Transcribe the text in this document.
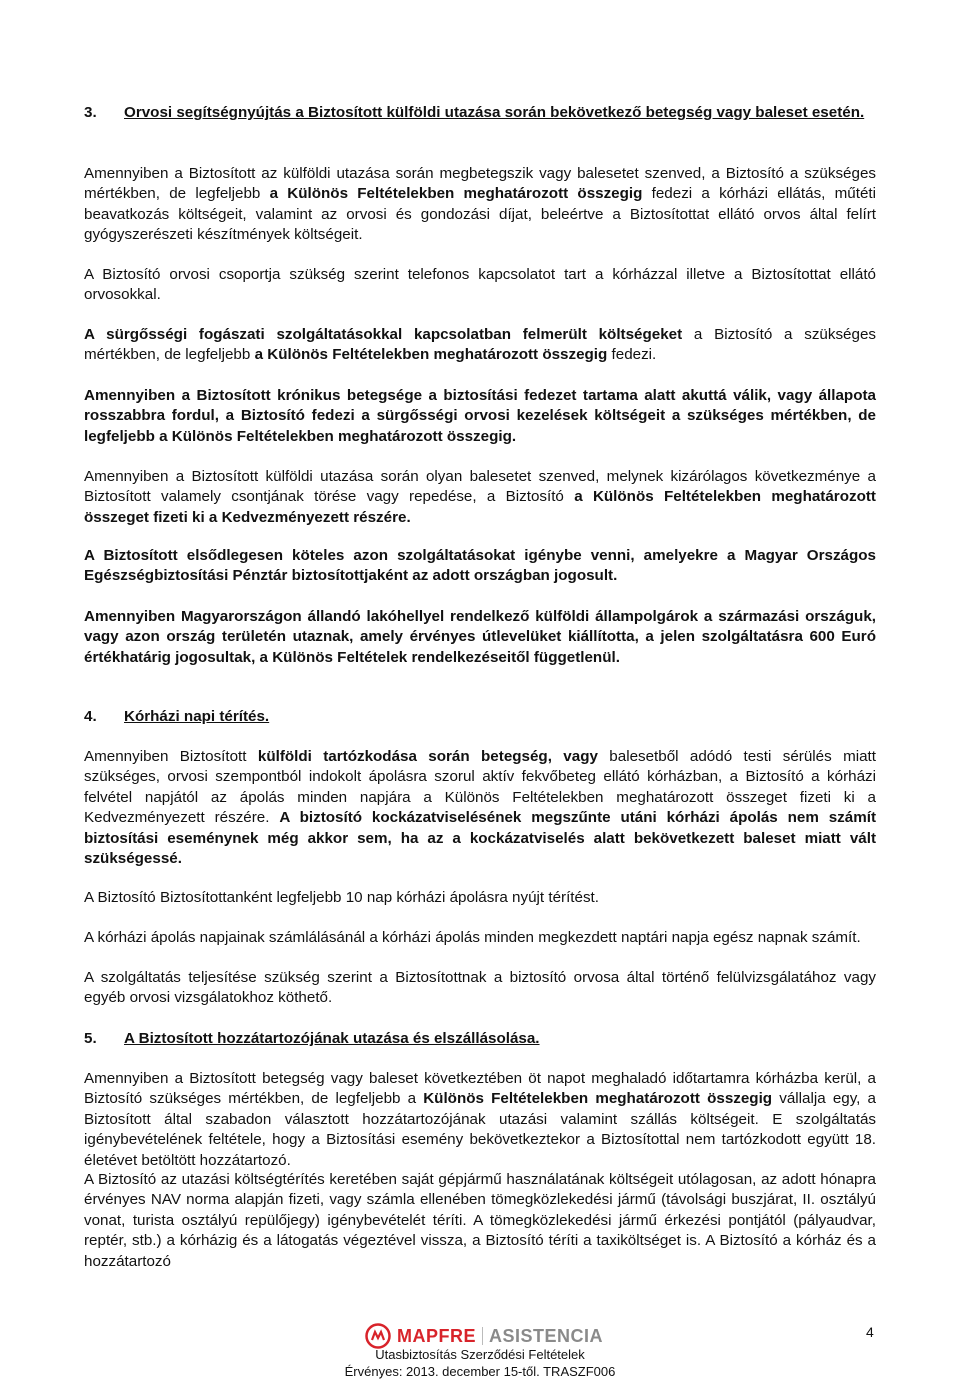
3. Orvosi segítségnyújtás a Biztosított külföldi utazása során bekövetkező betegség vagy baleset esetén.
Amennyiben a Biztosított az külföldi utazása során megbetegszik vagy balesetet szenved, a Biztosító a szükséges mértékben, de legfeljebb a Különös Feltételekben meghatározott összegig fedezi a kórházi ellátás, műtéti beavatkozás költségeit, valamint az orvosi és gondozási díjat, beleértve a Biztosítottat ellátó orvos által felírt gyógyszerészeti készítmények költségeit.
A Biztosító orvosi csoportja szükség szerint telefonos kapcsolatot tart a kórházzal illetve a Biztosítottat ellátó orvosokkal.
A sürgősségi fogászati szolgáltatásokkal kapcsolatban felmerült költségeket a Biztosító a szükséges mértékben, de legfeljebb a Különös Feltételekben meghatározott összegig fedezi.
Amennyiben a Biztosított krónikus betegsége a biztosítási fedezet tartama alatt akuttá válik, vagy állapota rosszabbra fordul, a Biztosító fedezi a sürgősségi orvosi kezelések költségeit a szükséges mértékben, de legfeljebb a Különös Feltételekben meghatározott összegig.
Amennyiben a Biztosított külföldi utazása során olyan balesetet szenved, melynek kizárólagos következménye a Biztosított valamely csontjának törése vagy repedése, a Biztosító a Különös Feltételekben meghatározott összeget fizeti ki a Kedvezményezett részére.
A Biztosított elsődlegesen köteles azon szolgáltatásokat igénybe venni, amelyekre a Magyar Országos Egészségbiztosítási Pénztár biztosítottjaként az adott országban jogosult.
Amennyiben Magyarországon állandó lakóhellyel rendelkező külföldi állampolgárok a származási országuk, vagy azon ország területén utaznak, amely érvényes útlevelüket kiállította, a jelen szolgáltatásra 600 Euró értékhatárig jogosultak, a Különös Feltételek rendelkezéseitől függetlenül.
4. Kórházi napi térítés.
Amennyiben Biztosított külföldi tartózkodása során betegség, vagy balesetből adódó testi sérülés miatt szükséges, orvosi szempontból indokolt ápolásra szorul aktív fekvőbeteg ellátó kórházban, a Biztosító a kórházi felvétel napjától az ápolás minden napjára a Különös Feltételekben meghatározott összeget fizeti ki a Kedvezményezett részére. A biztosító kockázatviselésének megszűnte utáni kórházi ápolás nem számít biztosítási eseménynek még akkor sem, ha az a kockázatviselés alatt bekövetkezett baleset miatt vált szükségessé.
A Biztosító Biztosítottanként legfeljebb 10 nap kórházi ápolásra nyújt térítést.
A kórházi ápolás napjainak számlálásánál a kórházi ápolás minden megkezdett naptári napja egész napnak számít.
A szolgáltatás teljesítése szükség szerint a Biztosítottnak a biztosító orvosa által történő felülvizsgálatához vagy egyéb orvosi vizsgálatokhoz köthető.
5. A Biztosított hozzátartozójának utazása és elszállásolása.
Amennyiben a Biztosított betegség vagy baleset következtében öt napot meghaladó időtartamra kórházba kerül, a Biztosító szükséges mértékben, de legfeljebb a Különös Feltételekben meghatározott összegig vállalja egy, a Biztosított által szabadon választott hozzátartozójának utazási valamint szállás költségeit. E szolgáltatás igénybevételének feltétele, hogy a Biztosítási esemény bekövetkeztekor a Biztosítottal nem tartózkodott együtt 18. életévet betöltött hozzátartozó.
A Biztosító az utazási költségtérítés keretében saját gépjármű használatának költségeit utólagosan, az adott hónapra érvényes NAV norma alapján fizeti, vagy számla ellenében tömegközlekedési jármű (távolsági buszjárat, II. osztályú vonat, turista osztályú repülőjegy) igénybevételét téríti. A tömegközlekedési jármű érkezési pontjától (pályaudvar, reptér, stb.) a kórházig és a látogatás végeztével vissza, a Biztosító téríti a taxiköltséget is. A Biztosító a kórház és a hozzátartozó
MAPFRE ASISTENCIA	4
Utasbiztosítás Szerződési Feltételek
Érvényes: 2013. december 15-től. TRASZF006
